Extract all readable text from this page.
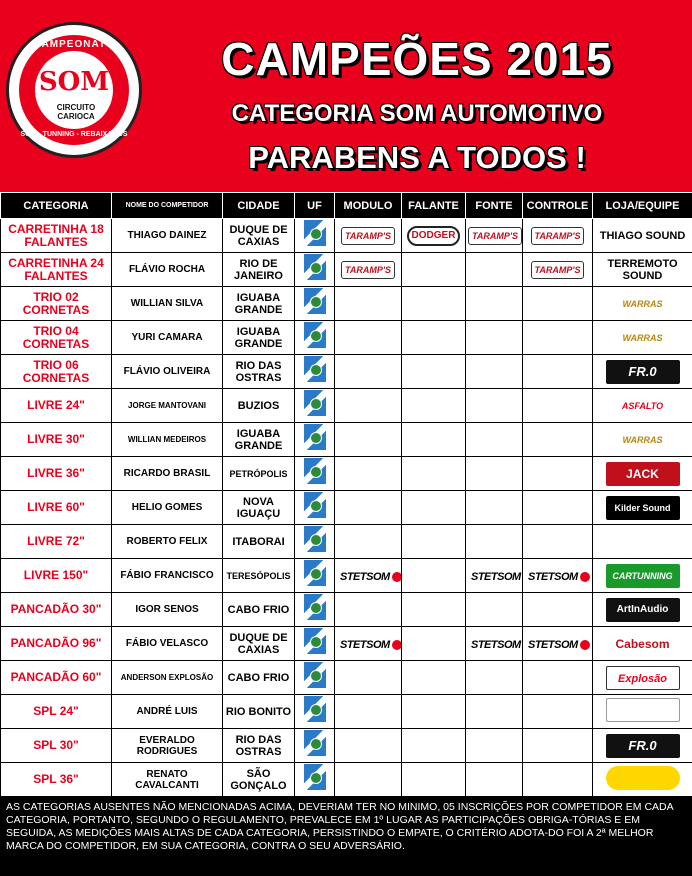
CAMPEONATO
SOM
CIRCUITO CARIOCA
SOM - TUNNING - REBAIXADOS
CAMPEÕES 2015
CATEGORIA SOM AUTOMOTIVO
PARABENS A TODOS !
CATEGORIA	NOME DO COMPETIDOR	CIDADE	UF	MODULO	FALANTE	FONTE	CONTROLE	LOJA/EQUIPE
CARRETINHA 18 FALANTES	THIAGO DAINEZ	DUQUE DE CAXIAS		TARAMP'S	DODGER	TARAMP'S	TARAMP'S	THIAGO SOUND
CARRETINHA 24 FALANTES	FLÁVIO ROCHA	RIO DE JANEIRO		TARAMP'S			TARAMP'S	TERREMOTO SOUND
TRIO 02 CORNETAS	WILLIAN SILVA	IGUABA GRANDE						WARRAS
TRIO 04 CORNETAS	YURI CAMARA	IGUABA GRANDE						WARRAS
TRIO 06 CORNETAS	FLÁVIO OLIVEIRA	RIO DAS OSTRAS						FR.0
LIVRE 24"	JORGE MANTOVANI	BUZIOS						ASFALTO
LIVRE 30"	WILLIAN MEDEIROS	IGUABA GRANDE						WARRAS
LIVRE 36"	RICARDO BRASIL	PETRÓPOLIS						JACK
LIVRE 60"	HELIO GOMES	NOVA IGUAÇU						Kilder Sound
LIVRE 72"	ROBERTO FELIX	ITABORAI						
LIVRE 150"	FÁBIO FRANCISCO	TERESÓPOLIS		STETSOM		STETSOM	STETSOM	CARTUNNING
PANCADÃO 30"	IGOR SENOS	CABO FRIO						ArtInAudio
PANCADÃO 96"	FÁBIO VELASCO	DUQUE DE CAXIAS		STETSOM		STETSOM	STETSOM	Cabesom
PANCADÃO 60"	ANDERSON EXPLOSÃO	CABO FRIO						Explosão
SPL 24"	ANDRÉ LUIS	RIO BONITO						
SPL 30"	EVERALDO RODRIGUES	RIO DAS OSTRAS						FR.0
SPL 36"	RENATO CAVALCANTI	SÃO GONÇALO						
AS CATEGORIAS AUSENTES NÃO MENCIONADAS ACIMA, DEVERIAM TER NO MINIMO, 05 INSCRIÇÕES POR COMPETIDOR EM CADA CATEGORIA, PORTANTO, SEGUNDO O REGULAMENTO, PREVALECE EM 1º LUGAR AS PARTICIPAÇÕES OBRIGA-TÓRIAS E EM SEGUIDA, AS MEDIÇÕES MAIS ALTAS DE CADA CATEGORIA, PERSISTINDO O EMPATE, O CRITÉRIO ADOTA-DO FOI A 2ª MELHOR MARCA DO COMPETIDOR, EM SUA CATEGORIA, CONTRA O SEU ADVERSÁRIO.
